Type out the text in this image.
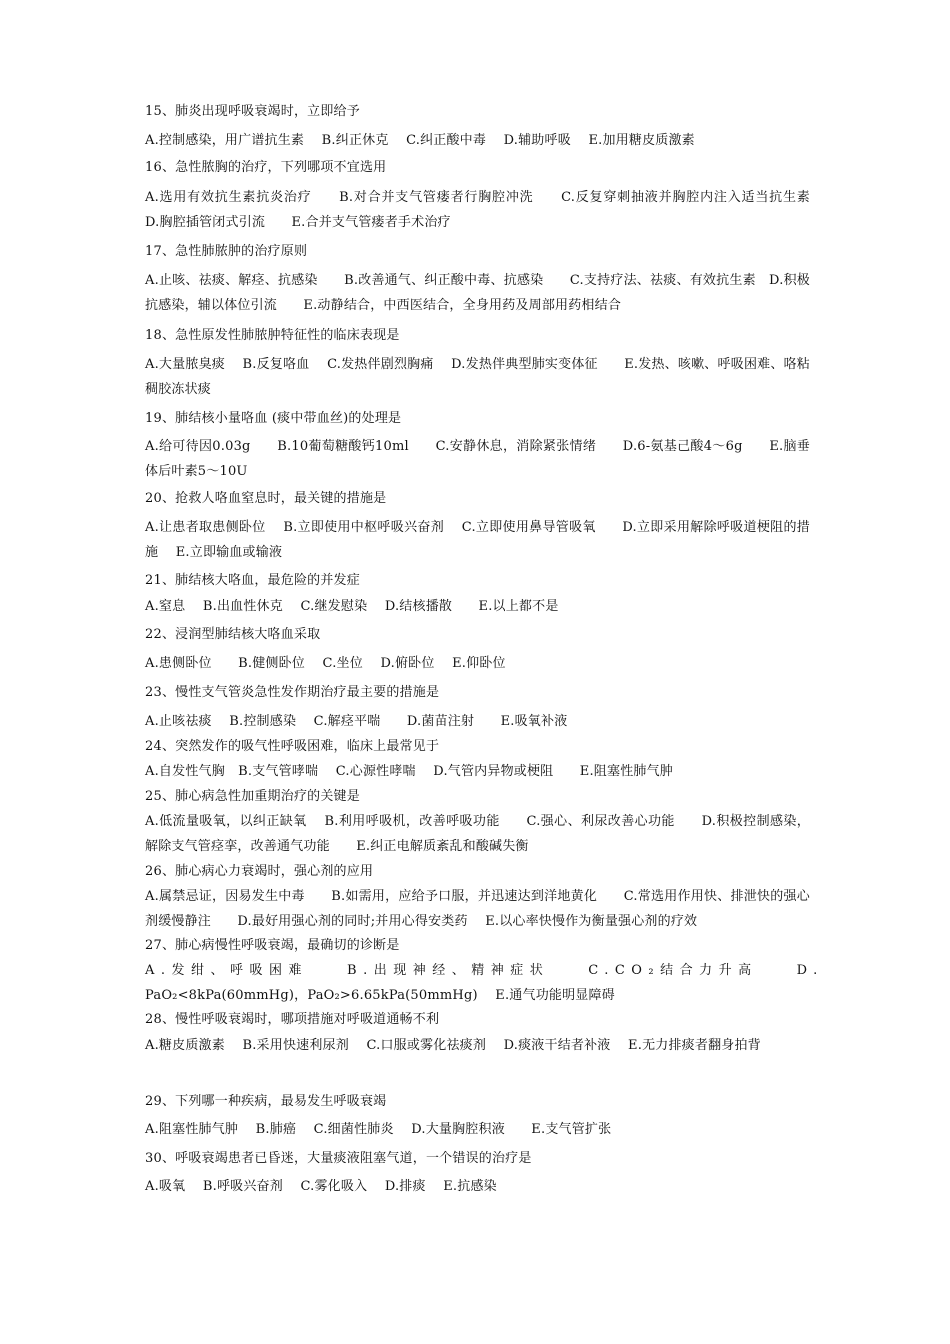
15、肺炎出现呼吸衰竭时，立即给予
A.控制感染，用广谱抗生素　 B.纠正休克　 C.纠正酸中毒　 D.辅助呼吸　 E.加用糖皮质激素
16、急性脓胸的治疗，下列哪项不宜选用
A.选用有效抗生素抗炎治疗　　B.对合并支气管瘘者行胸腔冲洗　　C.反复穿刺抽液并胸腔内注入适当抗生素　　D.胸腔插管闭式引流　　E.合并支气管瘘者手术治疗
17、急性肺脓肿的治疗原则
A.止咳、祛痰、解痉、抗感染　　B.改善通气、纠正酸中毒、抗感染　　C.支持疗法、祛痰、有效抗生素　D.积极抗感染，辅以体位引流　　E.动静结合，中西医结合，全身用药及周部用药相结合
18、急性原发性肺脓肿特征性的临床表现是
A.大量脓臭痰　 B.反复咯血　 C.发热伴剧烈胸痛　 D.发热伴典型肺实变体征　　E.发热、咳嗽、呼吸困难、咯粘稠胶冻状痰
19、肺结核小量咯血 (痰中带血丝)的处理是
A.给可待因0.03g　　B.10葡萄糖酸钙10ml　　C.安静休息，消除紧张情绪　　D.6-氨基己酸4～6g　　E.脑垂体后叶素5～10U
20、抢救人咯血窒息时，最关键的措施是
A.让患者取患侧卧位　 B.立即使用中枢呼吸兴奋剂　 C.立即使用鼻导管吸氧　　D.立即采用解除呼吸道梗阻的措施　 E.立即输血或输液
21、肺结核大咯血，最危险的并发症
A.窒息　 B.出血性休克　 C.继发慰染　 D.结核播散　　E.以上都不是
22、浸润型肺结核大咯血采取
A.患侧卧位　　B.健侧卧位　 C.坐位　 D.俯卧位　 E.仰卧位
23、慢性支气管炎急性发作期治疗最主要的措施是
A.止咳祛痰　 B.控制感染　 C.解痉平喘　　D.菌苗注射　　E.吸氧补液
24、突然发作的吸气性呼吸困难，临床上最常见于
A.自发性气胸　B.支气管哮喘　 C.心源性哮喘　 D.气管内异物或梗阻　　E.阻塞性肺气肿
25、肺心病急性加重期治疗的关键是
A.低流量吸氧，以纠正缺氧　 B.利用呼吸机，改善呼吸功能　　C.强心、利尿改善心功能　　D.积极控制感染，解除支气管痉挛，改善通气功能　　E.纠正电解质紊乱和酸碱失衡
26、肺心病心力衰竭时，强心剂的应用
A.属禁忌证，因易发生中毒　　B.如需用，应给予口服，并迅速达到洋地黄化　　C.常选用作用快、排泄快的强心剂缓慢静注　　D.最好用强心剂的同时;并用心得安类药　 E.以心率快慢作为衡量强心剂的疗效
27、肺心病慢性呼吸衰竭，最确切的诊断是
A.发绀、呼吸困难　　B.出现神经、精神症状　　C.CO₂结合力升高　　D.
PaO₂<8kPa(60mmHg)，PaO₂>6.65kPa(50mmHg)　 E.通气功能明显障碍
28、慢性呼吸衰竭时，哪项措施对呼吸道通畅不利
A.糖皮质激素　 B.采用快速利尿剂　 C.口服或雾化祛痰剂　 D.痰液干结者补液　 E.无力排痰者翻身拍背
29、下列哪一种疾病，最易发生呼吸衰竭
A.阻塞性肺气肿　 B.肺癌　 C.细菌性肺炎　 D.大量胸腔积液　　E.支气管扩张
30、呼吸衰竭患者已昏迷，大量痰液阻塞气道，一个错误的治疗是
A.吸氧　 B.呼吸兴奋剂　 C.雾化吸入　 D.排痰　 E.抗感染
